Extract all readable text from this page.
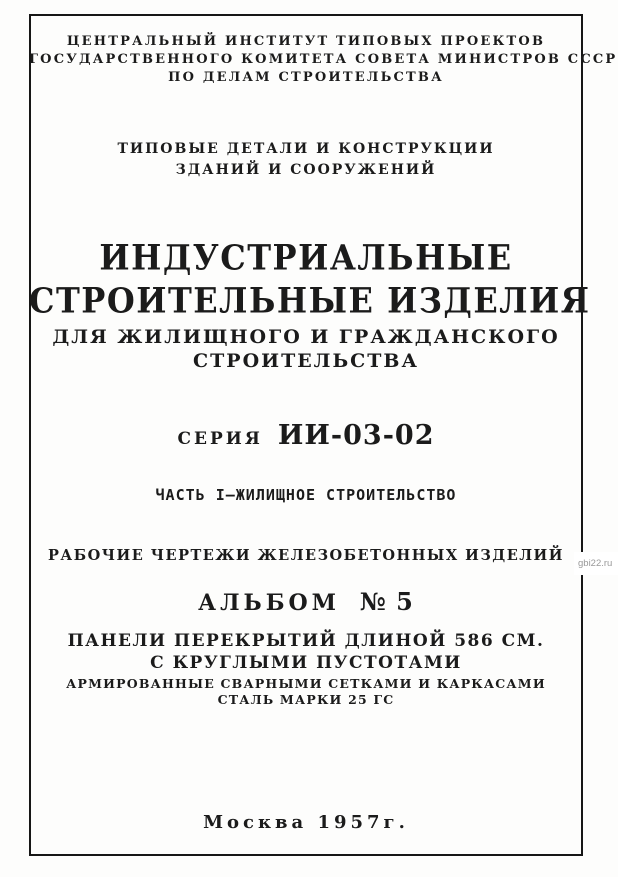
ЦЕНТРАЛЬНЫЙ ИНСТИТУТ ТИПОВЫХ ПРОЕКТОВ
ГОСУДАРСТВЕННОГО КОМИТЕТА СОВЕТА МИНИСТРОВ СССР
ПО ДЕЛАМ СТРОИТЕЛЬСТВА
ТИПОВЫЕ ДЕТАЛИ И КОНСТРУКЦИИ
ЗДАНИЙ И СООРУЖЕНИЙ
ИНДУСТРИАЛЬНЫЕ
СТРОИТЕЛЬНЫЕ ИЗДЕЛИЯ
ДЛЯ ЖИЛИЩНОГО И ГРАЖДАНСКОГО
СТРОИТЕЛЬСТВА
СЕРИЯ ИИ-03-02
ЧАСТЬ I—ЖИЛИЩНОЕ СТРОИТЕЛЬСТВО
РАБОЧИЕ ЧЕРТЕЖИ ЖЕЛЕЗОБЕТОННЫХ ИЗДЕЛИЙ
АЛЬБОМ № 5
ПАНЕЛИ ПЕРЕКРЫТИЙ ДЛИНОЙ 586 СМ.
С КРУГЛЫМИ ПУСТОТАМИ
АРМИРОВАННЫЕ СВАРНЫМИ СЕТКАМИ И КАРКАСАМИ
СТАЛЬ МАРКИ 25 ГС
Москва 1957г.
gbi22.ru
